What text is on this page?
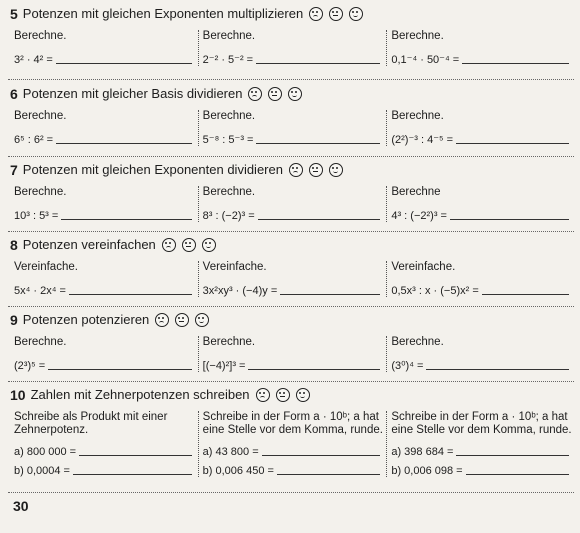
5 Potenzen mit gleichen Exponenten multiplizieren
Berechne.
3² · 4² =
Berechne.
2⁻² · 5⁻² =
Berechne.
0,1⁻⁴ · 50⁻⁴ =
6 Potenzen mit gleicher Basis dividieren
Berechne.
6⁵ : 6² =
Berechne.
5⁻⁸ : 5⁻³ =
Berechne.
(2²)⁻³ : 4⁻⁵ =
7 Potenzen mit gleichen Exponenten dividieren
Berechne.
10³ : 5³ =
Berechne.
8³ : (−2)³ =
Berechne
4³ : (−2²)³ =
8 Potenzen vereinfachen
Vereinfache.
5x⁴ · 2x⁴ =
Vereinfache.
3x²xy³ · (−4)y =
Vereinfache.
0,5x³ : x · (−5)x² =
9 Potenzen potenzieren
Berechne.
(2³)⁵ =
Berechne.
[(−4)²]³ =
Berechne.
(3⁰)⁴ =
10 Zahlen mit Zehnerpotenzen schreiben
Schreibe als Produkt mit einer Zehnerpotenz.
a) 800 000 =
b) 0,0004 =
Schreibe in der Form a · 10ᵇ; a hat eine Stelle vor dem Komma, runde.
a) 43 800 =
b) 0,006 450 =
Schreibe in der Form a · 10ᵇ; a hat eine Stelle vor dem Komma, runde.
a) 398 684 =
b) 0,006 098 =
30
